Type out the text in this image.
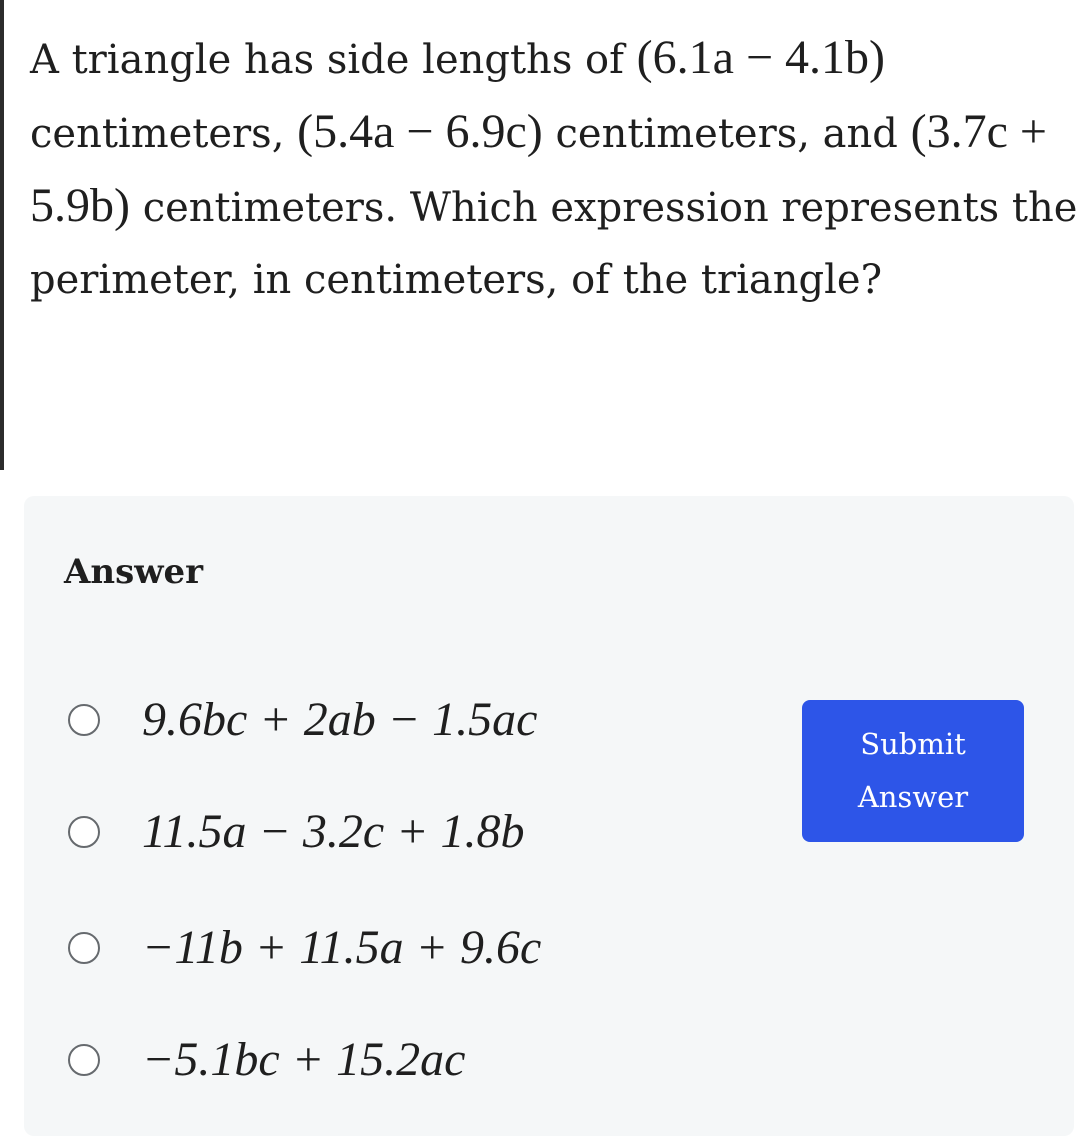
A triangle has side lengths of (6.1a − 4.1b) centimeters, (5.4a − 6.9c) centimeters, and (3.7c + 5.9b) centimeters. Which expression represents the perimeter, in centimeters, of the triangle?

Answer
9.6bc + 2ab − 1.5ac
11.5a − 3.2c + 1.8b
−11b + 11.5a + 9.6c
−5.1bc + 15.2ac
Submit Answer
